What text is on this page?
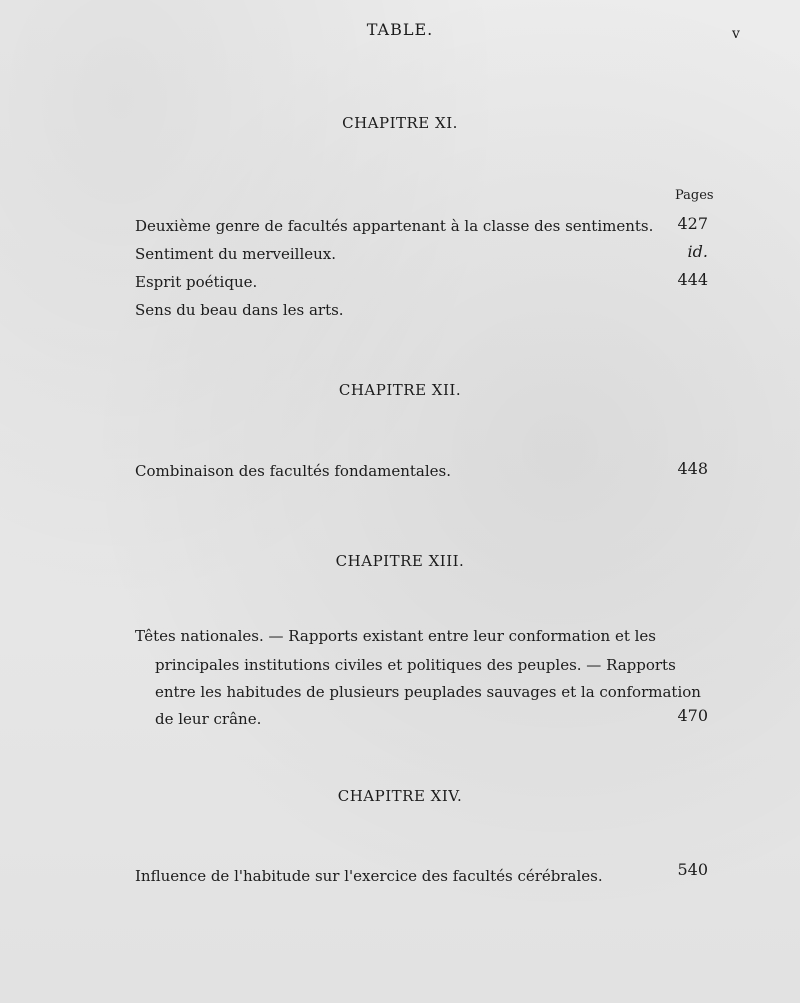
TABLE.	v
CHAPITRE XI.
Pages
Deuxième genre de facultés appartenant à la classe des sentiments.	427
Sentiment du merveilleux.	id.
Esprit poétique.	444
Sens du beau dans les arts.
CHAPITRE XII.
Combinaison des facultés fondamentales.	448
CHAPITRE XIII.
Têtes nationales. — Rapports existant entre leur conformation et les
principales institutions civiles et politiques des peuples. — Rapports
entre les habitudes de plusieurs peuplades sauvages et la conformation
de leur crâne.	470
CHAPITRE XIV.
Influence de l'habitude sur l'exercice des facultés cérébrales.	540
